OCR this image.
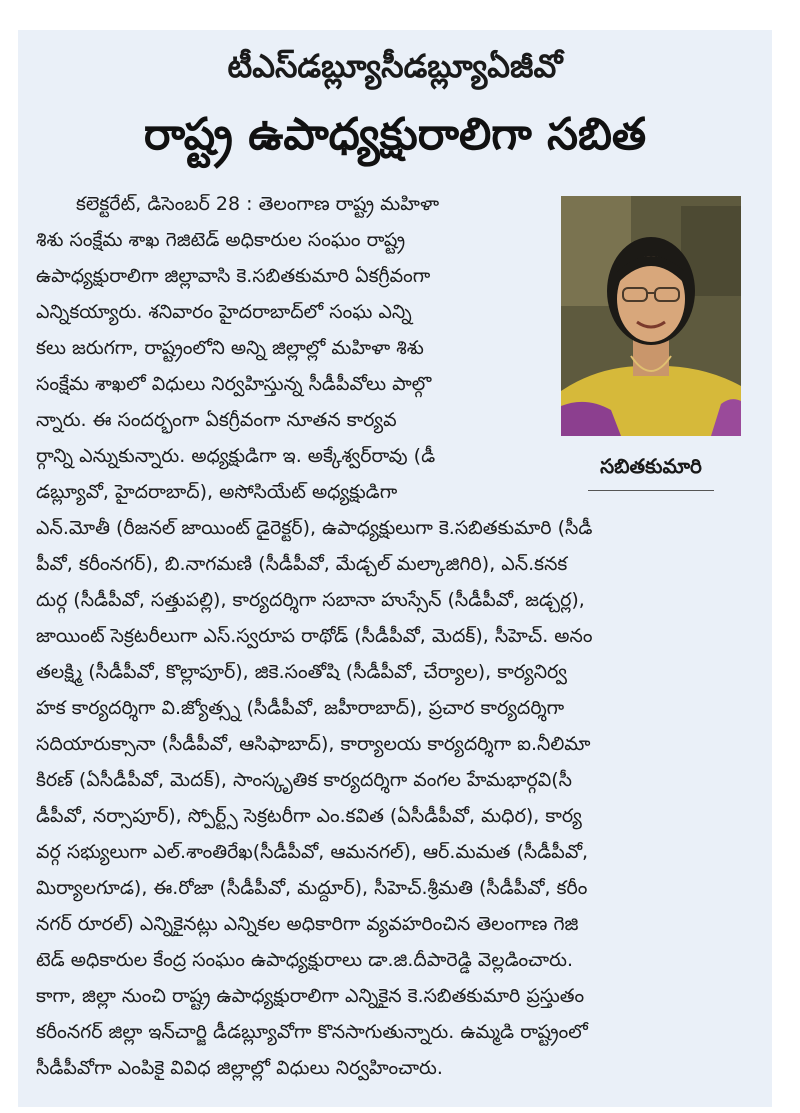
టీఎస్‌డబ్ల్యూసీడబ్ల్యూఏజీవో
రాష్ట్ర ఉపాధ్యక్షురాలిగా సబిత
సబితకుమారి
కలెక్టరేట్, డిసెంబర్ 28 : తెలంగాణ రాష్ట్ర మహిళా
శిశు సంక్షేమ శాఖ గెజిటెడ్ అధికారుల సంఘం రాష్ట్ర
ఉపాధ్యక్షురాలిగా జిల్లావాసి కె.సబితకుమారి ఏకగ్రీవంగా
ఎన్నికయ్యారు. శనివారం హైదరాబాద్‌లో సంఘ ఎన్ని
కలు జరుగగా, రాష్ట్రంలోని అన్ని జిల్లాల్లో మహిళా శిశు
సంక్షేమ శాఖలో విధులు నిర్వహిస్తున్న సీడీపీవోలు పాల్గొ
న్నారు. ఈ సందర్భంగా ఏకగ్రీవంగా నూతన కార్యవ
ర్గాన్ని ఎన్నుకున్నారు. అధ్యక్షుడిగా ఇ. అక్కేశ్వర్‌రావు (డీ
డబ్ల్యూవో, హైదరాబాద్), అసోసియేట్ అధ్యక్షుడిగా
ఎన్.మోతీ (రీజనల్ జాయింట్ డైరెక్టర్), ఉపాధ్యక్షులుగా కె.సబితకుమారి (సీడీ
పీవో, కరీంనగర్), బి.నాగమణి (సీడీపీవో, మేడ్చల్ మల్కాజిగిరి), ఎన్.కనక
దుర్గ (సీడీపీవో, సత్తుపల్లి), కార్యదర్శిగా సబానా హుస్సేన్ (సీడీపీవో, జడ్చర్ల),
జాయింట్ సెక్రటరీలుగా ఎస్.స్వరూప రాథోడ్ (సీడీపీవో, మెదక్), సీహెచ్. అనం
తలక్ష్మి (సీడీపీవో, కొల్లాపూర్), జికె.సంతోషి (సీడీపీవో, చేర్యాల), కార్యనిర్వ
హక కార్యదర్శిగా వి.జ్యోత్స్న (సీడీపీవో, జహీరాబాద్), ప్రచార కార్యదర్శిగా
సదియారుక్సానా (సీడీపీవో, ఆసిఫాబాద్), కార్యాలయ కార్యదర్శిగా ఐ.నీలిమా
కిరణ్ (ఏసీడీపీవో, మెదక్), సాంస్కృతిక కార్యదర్శిగా వంగల హేమభార్గవి(సీ
డీపీవో, నర్సాపూర్), స్పోర్ట్స్ సెక్రటరీగా ఎం.కవిత (ఏసీడీపీవో, మధిర), కార్య
వర్గ సభ్యులుగా ఎల్.శాంతిరేఖ(సీడీపీవో, ఆమనగల్), ఆర్.మమత (సీడీపీవో,
మిర్యాలగూడ), ఈ.రోజా (సీడీపీవో, మద్దూర్), సీహెచ్.శ్రీమతి (సీడీపీవో, కరీం
నగర్ రూరల్) ఎన్నికైనట్లు ఎన్నికల అధికారిగా వ్యవహరించిన తెలంగాణ గెజి
టెడ్ అధికారుల కేంద్ర సంఘం ఉపాధ్యక్షురాలు డా.జి.దీపారెడ్డి వెల్లడించారు.
కాగా, జిల్లా నుంచి రాష్ట్ర ఉపాధ్యక్షురాలిగా ఎన్నికైన కె.సబితకుమారి ప్రస్తుతం
కరీంనగర్ జిల్లా ఇన్‌చార్జి డీడబ్ల్యూవోగా కొనసాగుతున్నారు. ఉమ్మడి రాష్ట్రంలో
సీడీపీవోగా ఎంపికై వివిధ జిల్లాల్లో విధులు నిర్వహించారు.
